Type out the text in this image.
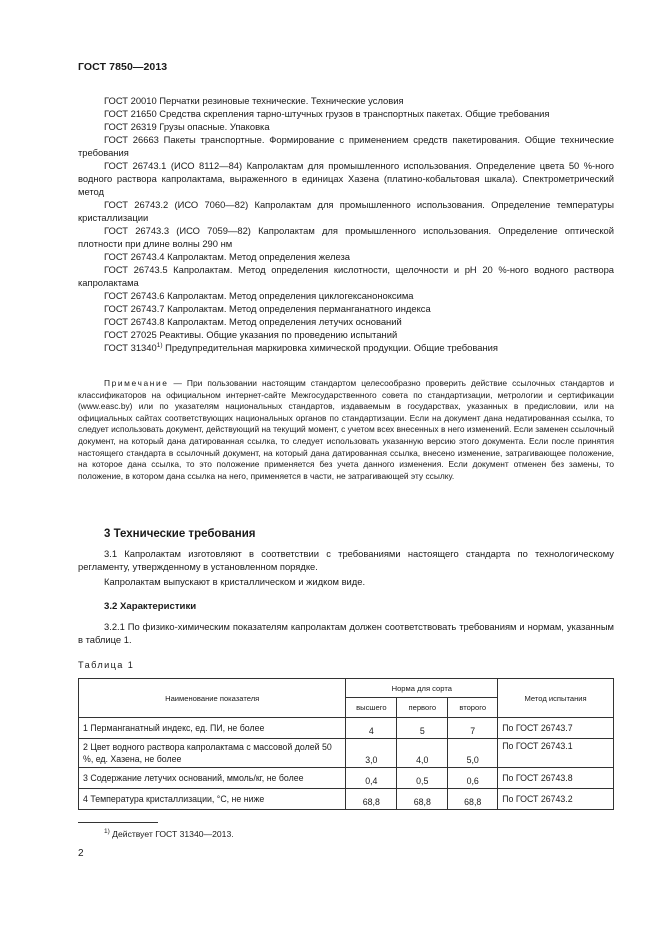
ГОСТ 7850—2013

ГОСТ 20010 Перчатки резиновые технические. Технические условия

ГОСТ 21650 Средства скрепления тарно-штучных грузов в транспортных пакетах. Общие требования

ГОСТ 26319 Грузы опасные. Упаковка

ГОСТ 26663 Пакеты транспортные. Формирование с применением средств пакетирования. Общие технические требования

ГОСТ 26743.1 (ИСО 8112—84) Капролактам для промышленного использования. Определение цвета 50 %-ного водного раствора капролактама, выраженного в единицах Хазена (платино-кобальтовая шкала). Спектрометрический метод

ГОСТ 26743.2 (ИСО 7060—82) Капролактам для промышленного использования. Определение температуры кристаллизации

ГОСТ 26743.3 (ИСО 7059—82) Капролактам для промышленного использования. Определение оптической плотности при длине волны 290 нм

ГОСТ 26743.4 Капролактам. Метод определения железа

ГОСТ 26743.5 Капролактам. Метод определения кислотности, щелочности и pH 20 %-ного водного раствора капролактама

ГОСТ 26743.6 Капролактам. Метод определения циклогексаноноксима

ГОСТ 26743.7 Капролактам. Метод определения перманганатного индекса

ГОСТ 26743.8 Капролактам. Метод определения летучих оснований

ГОСТ 27025 Реактивы. Общие указания по проведению испытаний

ГОСТ 31340$^{1)}$ Предупредительная маркировка химической продукции. Общие требования

Примечание — При пользовании настоящим стандартом целесообразно проверить действие ссылочных стандартов и классификаторов на официальном интернет-сайте Межгосударственного совета по стандартизации, метрологии и сертификации (www.easc.by) или по указателям национальных стандартов, издаваемым в государствах, указанных в предисловии, или на официальных сайтах соответствующих национальных органов по стандартизации. Если на документ дана недатированная ссылка, то следует использовать документ, действующий на текущий момент, с учетом всех внесенных в него изменений. Если заменен ссылочный документ, на который дана датированная ссылка, то следует использовать указанную версию этого документа. Если после принятия настоящего стандарта в ссылочный документ, на который дана датированная ссылка, внесено изменение, затрагивающее положение, на которое дана ссылка, то это положение применяется без учета данного изменения. Если документ отменен без замены, то положение, в котором дана ссылка на него, применяется в части, не затрагивающей эту ссылку.

3 Технические требования

3.1 Капролактам изготовляют в соответствии с требованиями настоящего стандарта по технологическому регламенту, утвержденному в установленном порядке.

Капролактам выпускают в кристаллическом и жидком виде.

3.2 Характеристики

3.2.1 По физико-химическим показателям капролактам должен соответствовать требованиям и нормам, указанным в таблице 1.

Таблица 1
Наименование показателя	Норма для сорта			Метод испытания
	высшего	первого	второго	
1 Перманганатный индекс, ед. ПИ, не более	4	5	7	По ГОСТ 26743.7
2 Цвет водного раствора капролактама с массовой долей 50 %, ед. Хазена, не более	3,0	4,0	5,0	По ГОСТ 26743.1
3 Содержание летучих оснований, ммоль/кг, не более	0,4	0,5	0,6	По ГОСТ 26743.8
4 Температура кристаллизации, °С, не ниже	68,8	68,8	68,8	По ГОСТ 26743.2
$^{1)}$ Действует ГОСТ 31340—2013.
2
